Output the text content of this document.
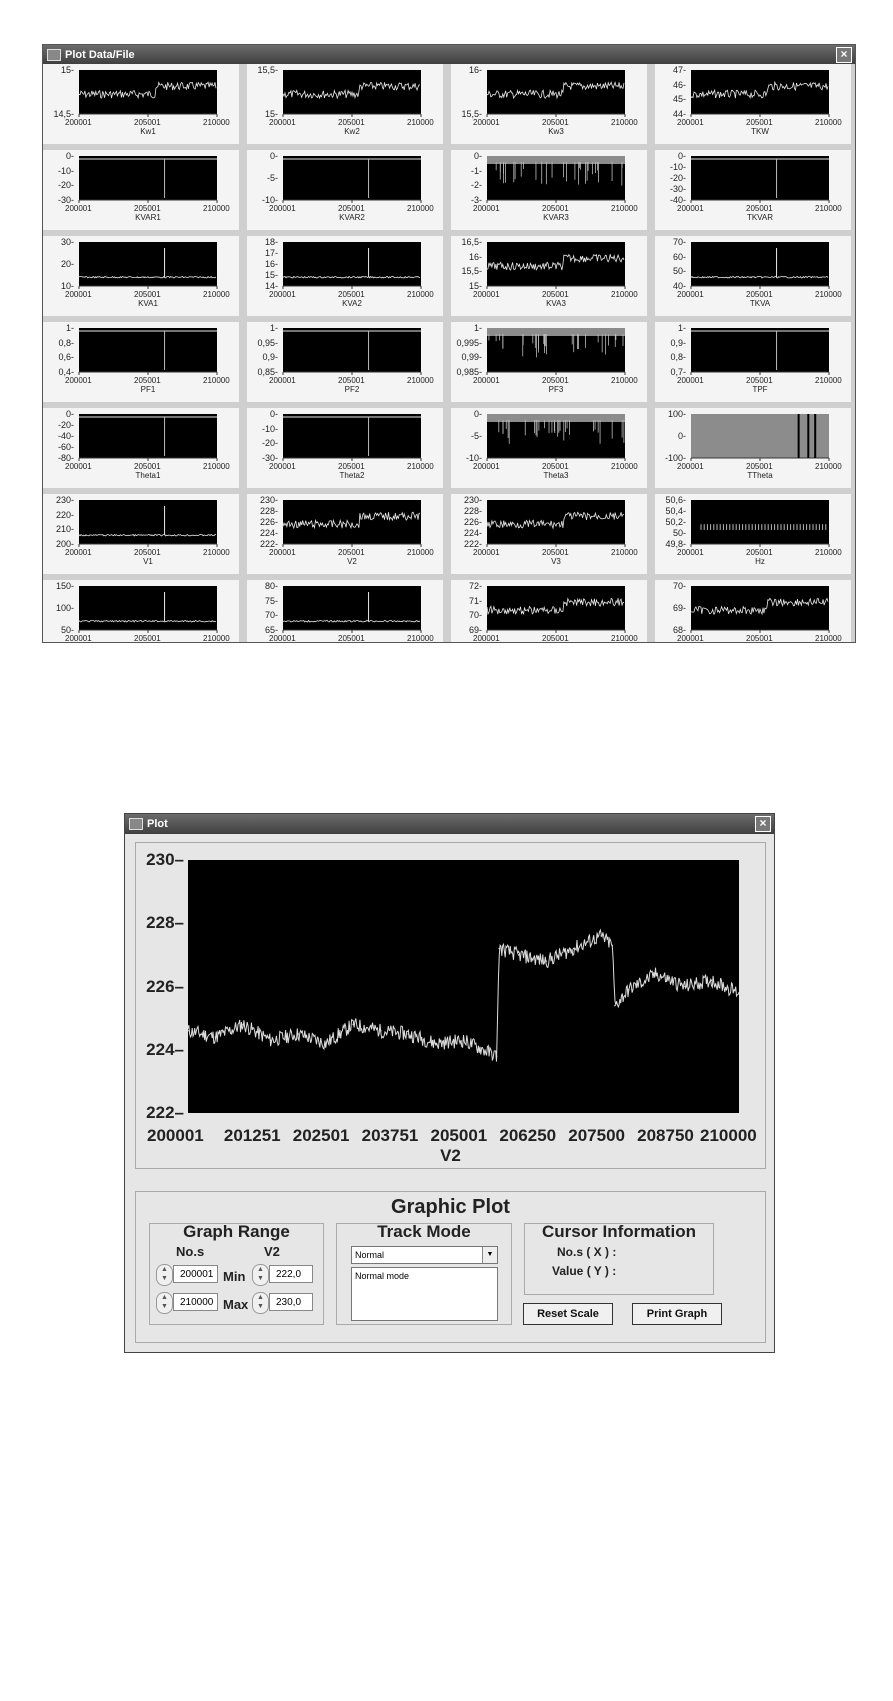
Plot Data/File	×
15-
14,5-
200001	205001	210000
Kw1
15,5-
15-
200001	205001	210000
Kw2
16-
15,5-
200001	205001	210000
Kw3
47-
46-
45-
44-
200001	205001	210000
TKW
0-
-10-
-20-
-30-
200001	205001	210000
KVAR1
0-
-5-
-10-
200001	205001	210000
KVAR2
0-
-1-
-2-
-3-
200001	205001	210000
KVAR3
0-
-10-
-20-
-30-
-40-
200001	205001	210000
TKVAR
30-
20-
10-
200001	205001	210000
KVA1
18-
17-
16-
15-
14-
200001	205001	210000
KVA2
16,5-
16-
15,5-
15-
200001	205001	210000
KVA3
70-
60-
50-
40-
200001	205001	210000
TKVA
1-
0,8-
0,6-
0,4-
200001	205001	210000
PF1
1-
0,95-
0,9-
0,85-
200001	205001	210000
PF2
1-
0,995-
0,99-
0,985-
200001	205001	210000
PF3
1-
0,9-
0,8-
0,7-
200001	205001	210000
TPF
0-
-20-
-40-
-60-
-80-
200001	205001	210000
Theta1
0-
-10-
-20-
-30-
200001	205001	210000
Theta2
0-
-5-
-10-
200001	205001	210000
Theta3
100-
0-
-100-
200001	205001	210000
TTheta
230-
220-
210-
200-
200001	205001	210000
V1
230-
228-
226-
224-
222-
200001	205001	210000
V2
230-
228-
226-
224-
222-
200001	205001	210000
V3
50,6-
50,4-
50,2-
50-
49,8-
200001	205001	210000
Hz
150-
100-
50-
200001	205001	210000
80-
75-
70-
65-
200001	205001	210000
72-
71-
70-
69-
200001	205001	210000
70-
69-
68-
200001	205001	210000
Plot	×
230–
228–
226–
224–
222–
200001 201251 202501 203751 205001 206250 207500 208750 210000
V2
Graphic Plot
Graph Range
No.s	V2
▲
▼	200001 Min	▲
▼	222,0
▲
▼	210000 Max	▲
▼	230,0
Track Mode
Normal	▼
Normal mode
Cursor Information
No.s ( X ) :
Value ( Y ) :
Reset Scale	Print Graph
